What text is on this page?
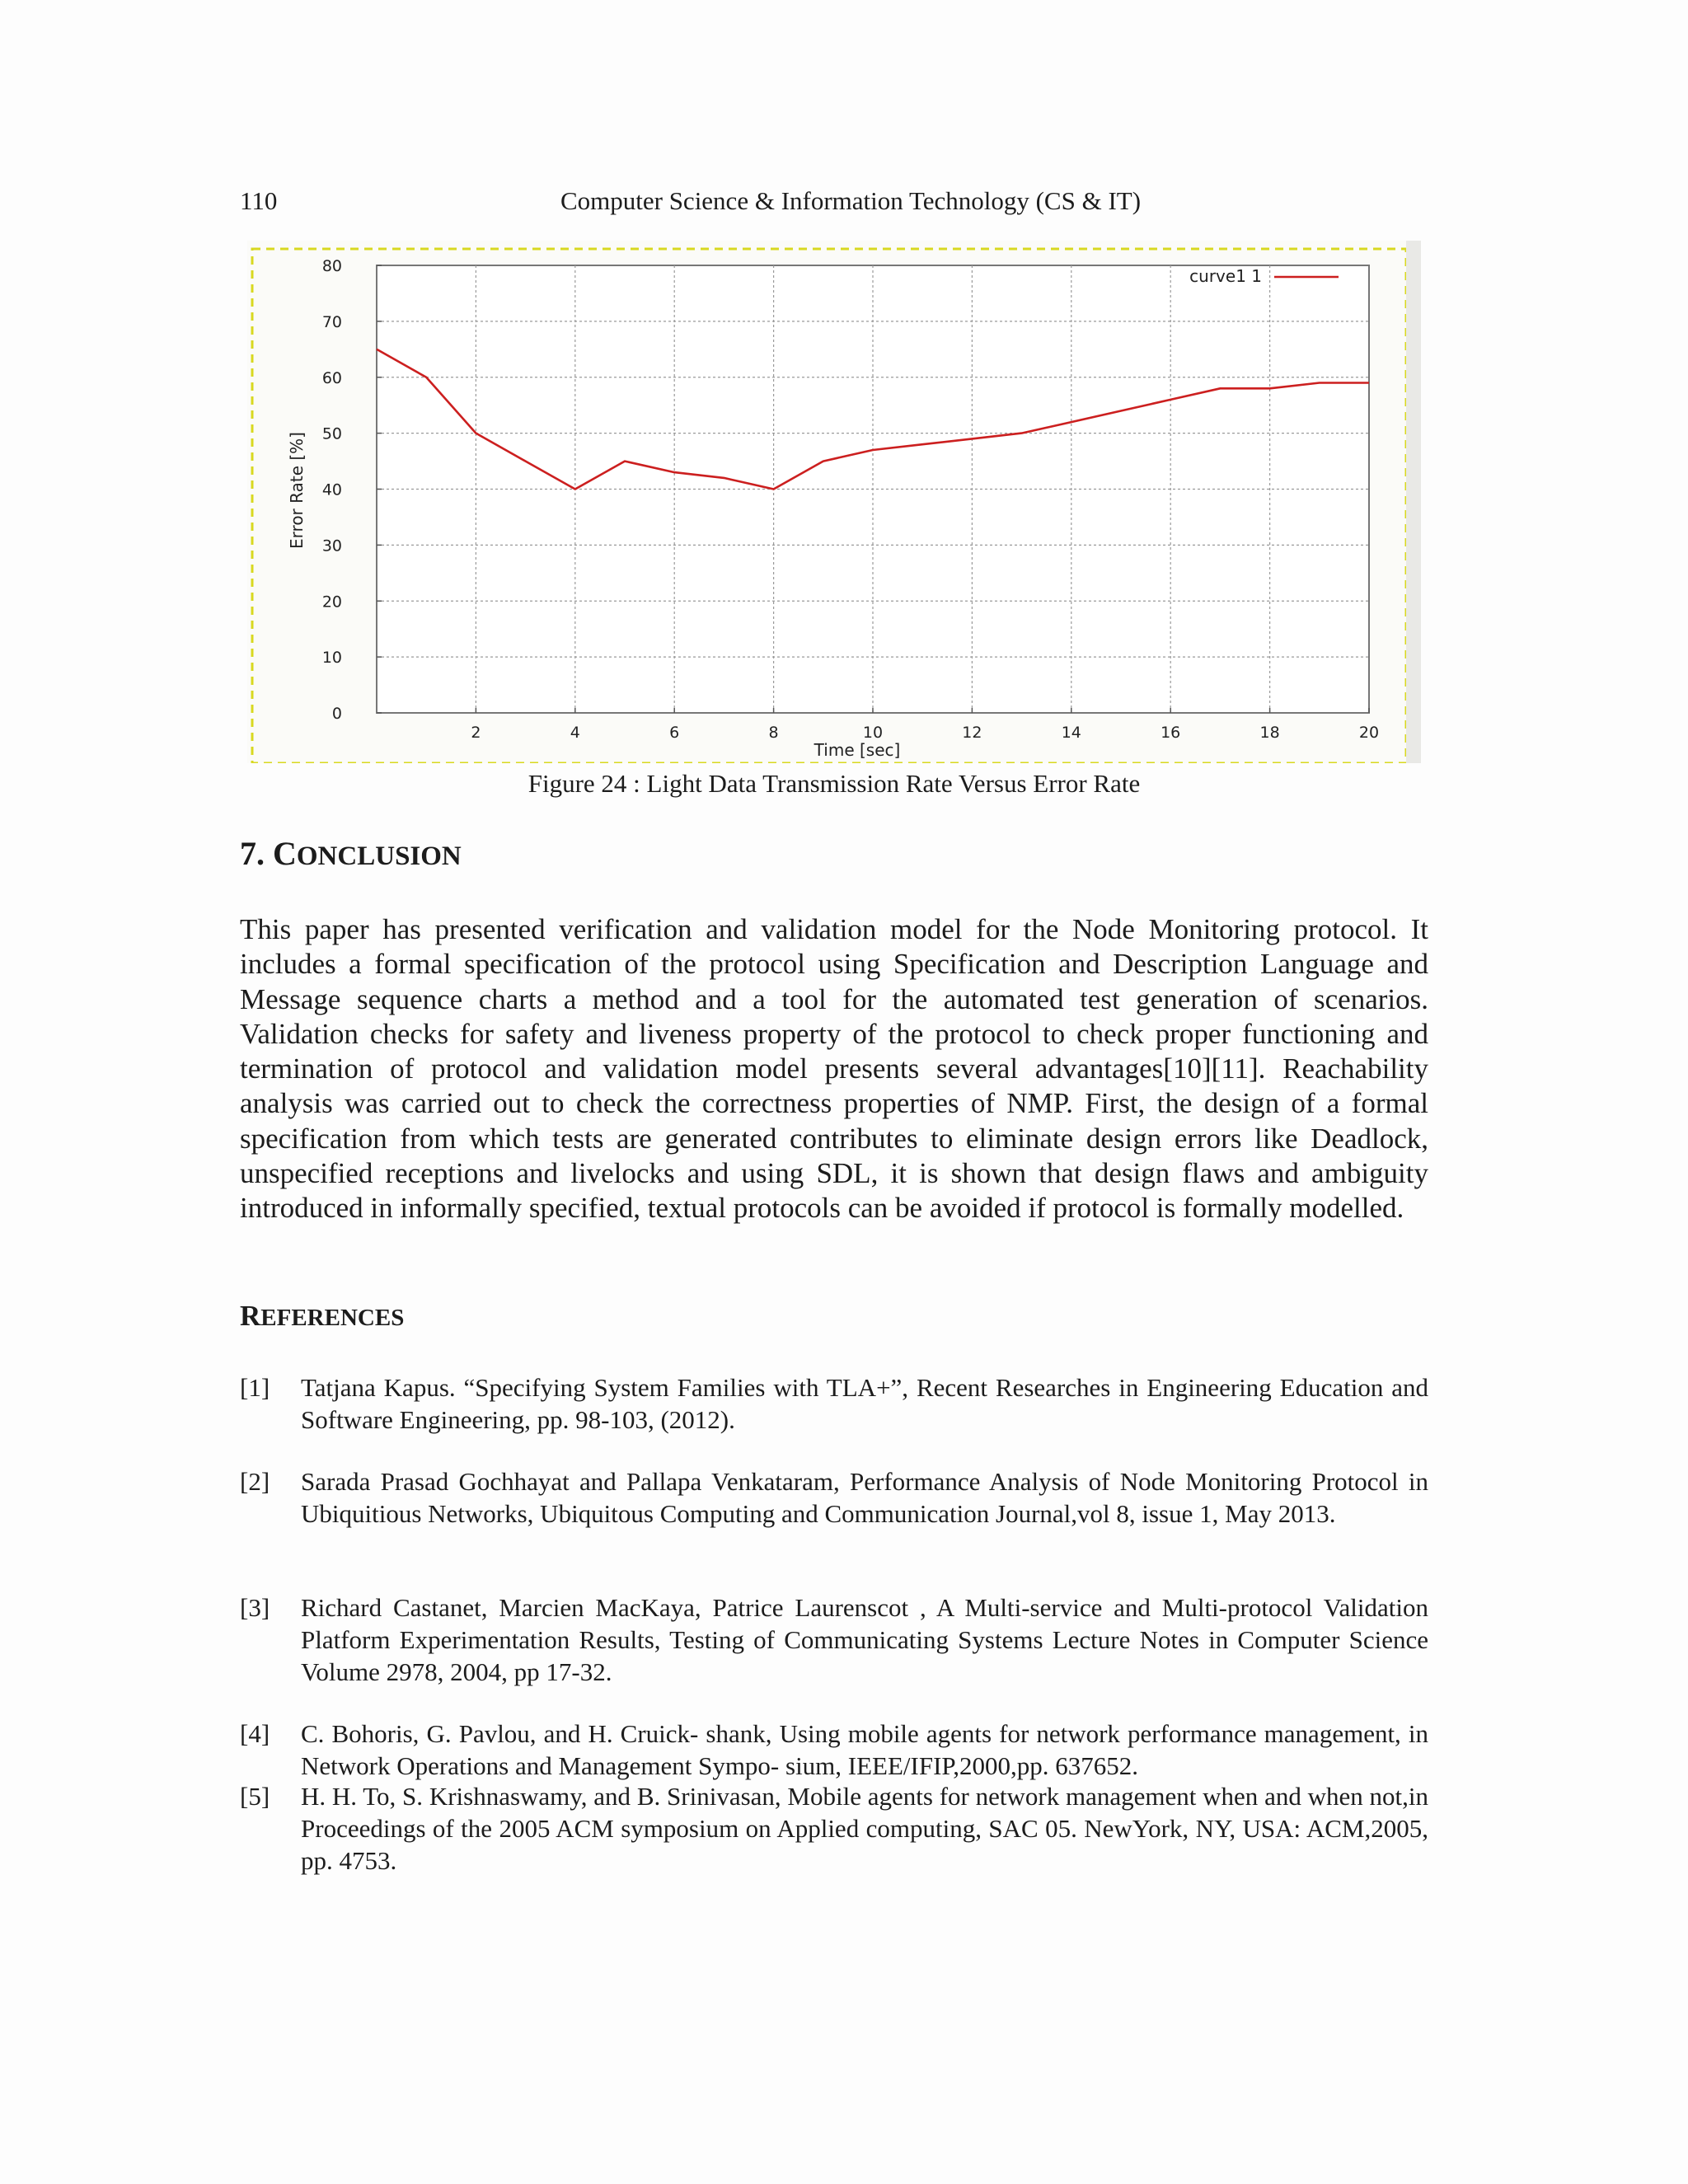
110	Computer Science & Information Technology (CS & IT)
0
10
20
30
40
50
60
70
80
2	4	6	8	10	12	14	16	18	20
Error Rate [%]
Time [sec]
curve1 1
Figure 24 : Light Data Transmission Rate Versus Error Rate
7. CONCLUSION

This paper has presented verification and validation model for the Node Monitoring protocol. It includes a formal specification of the protocol using Specification and Description Language and Message sequence charts a method and a tool for the automated test generation of scenarios. Validation checks for safety and liveness property of the protocol to check proper functioning and termination of protocol and validation model presents several advantages[10][11]. Reachability analysis was carried out to check the correctness properties of NMP. First, the design of a formal specification from which tests are generated contributes to eliminate design errors like Deadlock, unspecified receptions and livelocks and using SDL, it is shown that design flaws and ambiguity introduced in informally specified, textual protocols can be avoided if protocol is formally modelled.

REFERENCES
[1] Tatjana Kapus. “Specifying System Families with TLA+”, Recent Researches in Engineering Education and Software Engineering, pp. 98-103, (2012).
[2] Sarada Prasad Gochhayat and Pallapa Venkataram, Performance Analysis of Node Monitoring Protocol in Ubiquitious Networks, Ubiquitous Computing and Communication Journal,vol 8, issue 1, May 2013.
[3] Richard Castanet, Marcien MacKaya, Patrice Laurenscot , A Multi-service and Multi-protocol Validation Platform Experimentation Results, Testing of Communicating Systems Lecture Notes in Computer Science Volume 2978, 2004, pp 17-32.
[4] C. Bohoris, G. Pavlou, and H. Cruick- shank, Using mobile agents for network performance management, in Network Operations and Management Sympo- sium, IEEE/IFIP,2000,pp. 637652.
[5] H. H. To, S. Krishnaswamy, and B. Srinivasan, Mobile agents for network management when and when not,in Proceedings of the 2005 ACM symposium on Applied computing, SAC 05. NewYork, NY, USA: ACM,2005, pp. 4753.
